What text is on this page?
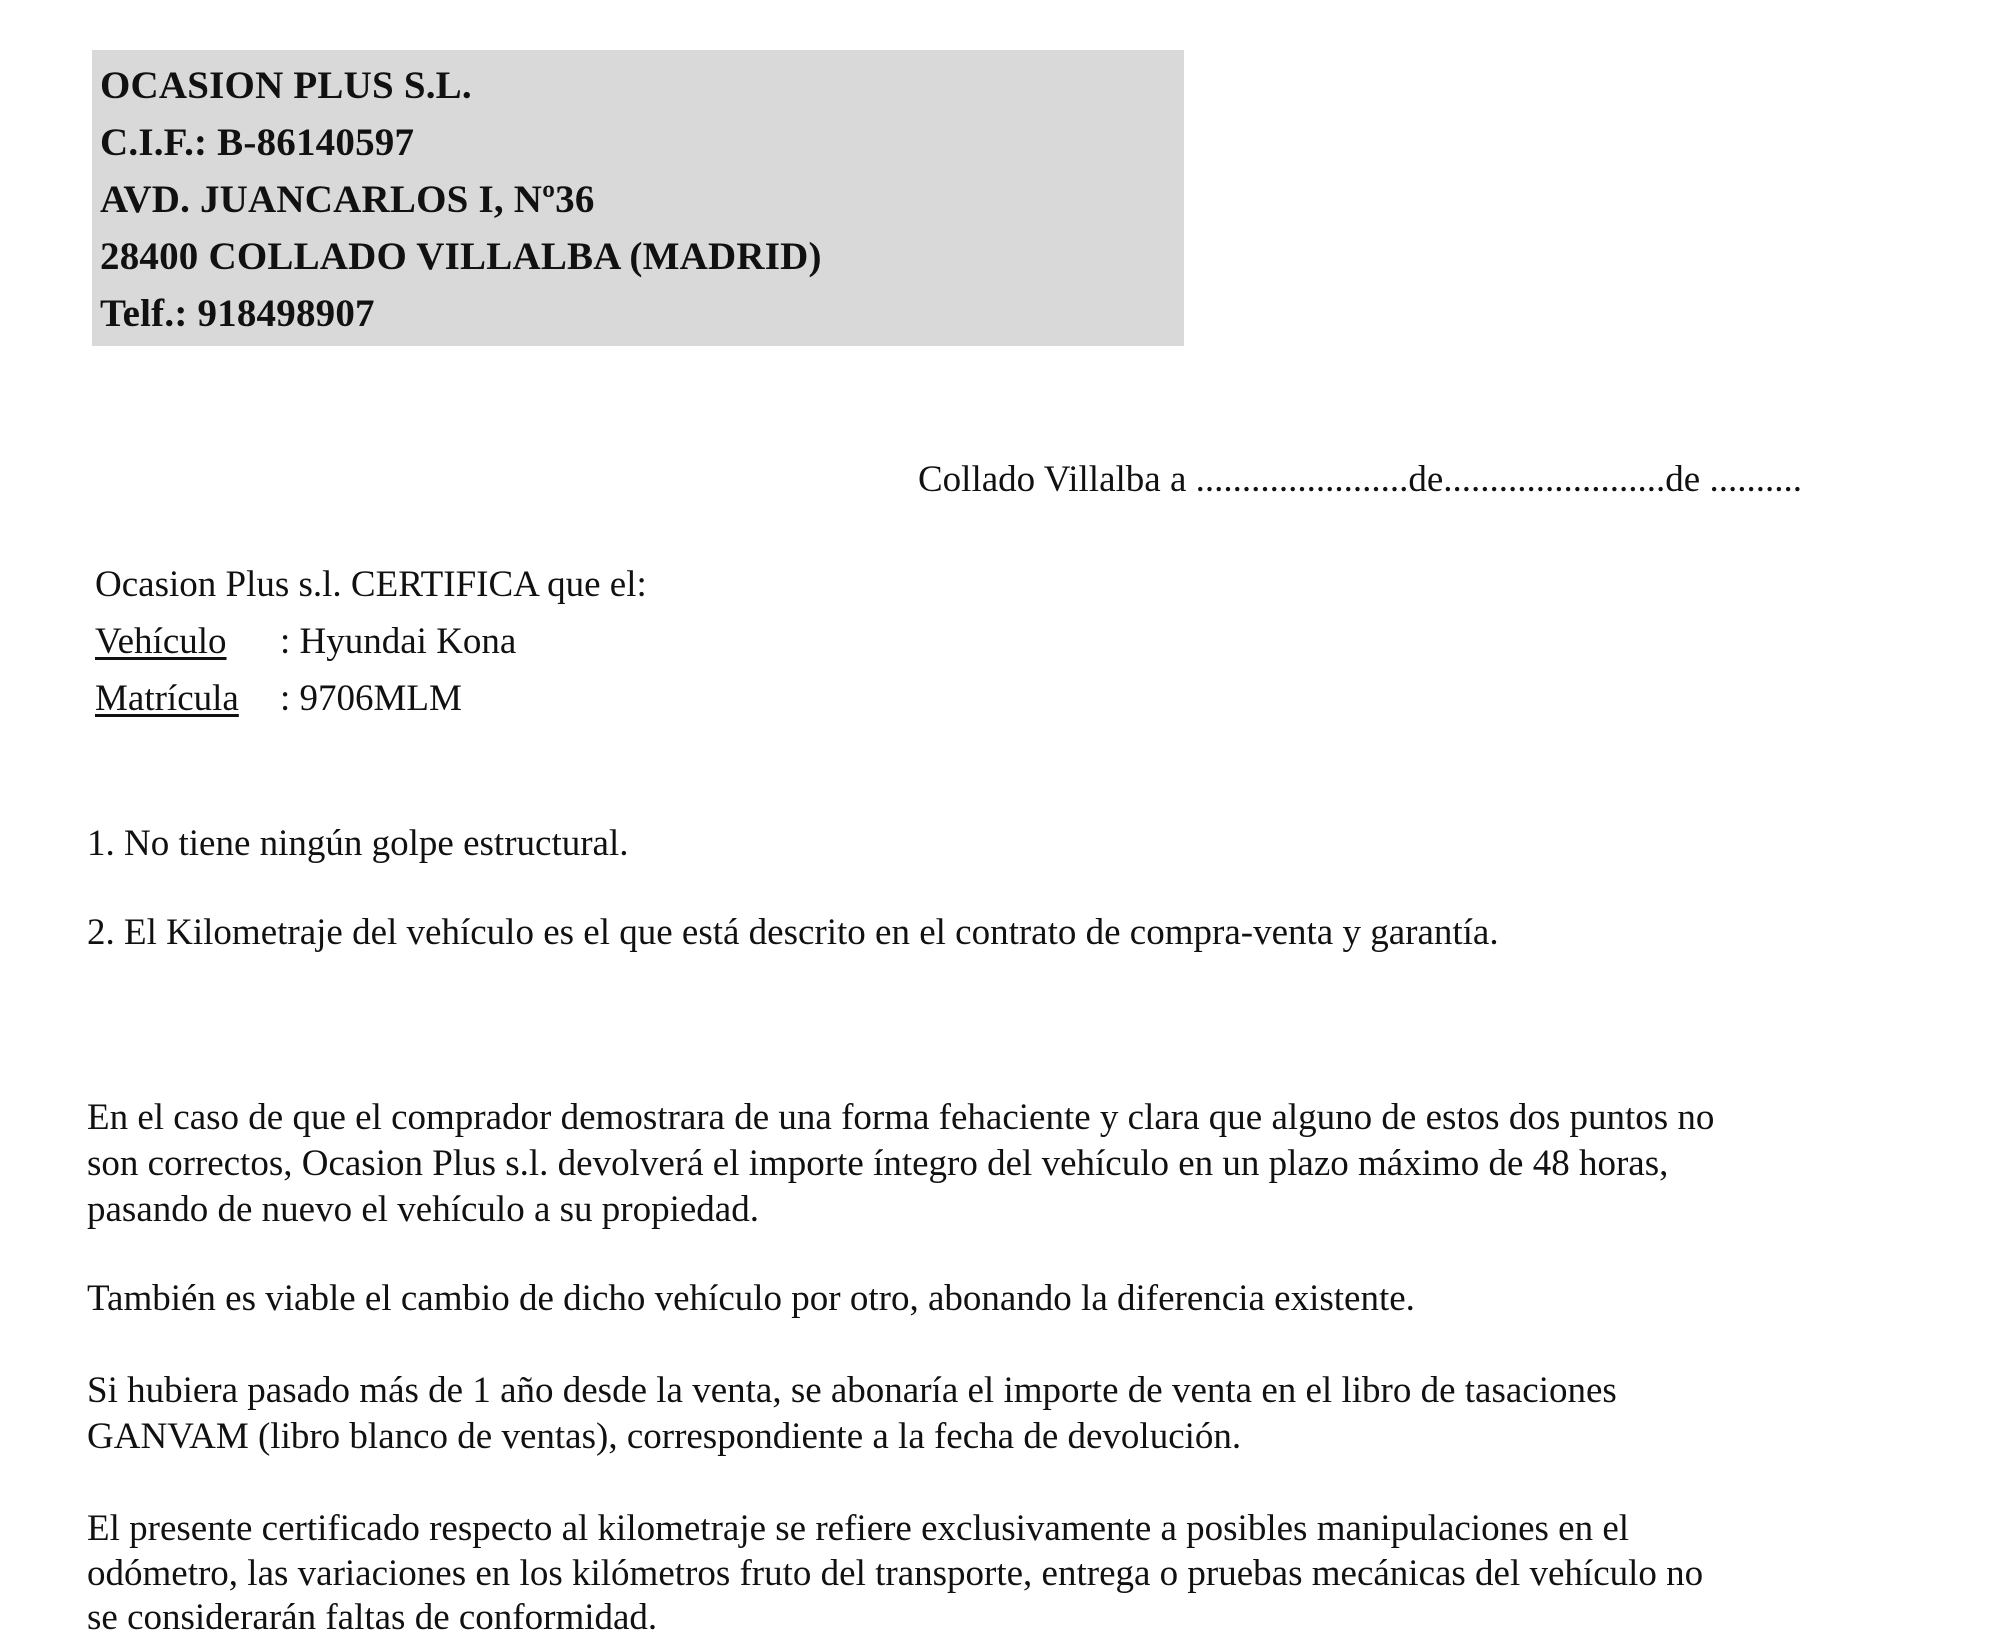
OCASION PLUS S.L.
C.I.F.: B-86140597
AVD. JUANCARLOS I, Nº36
28400 COLLADO VILLALBA (MADRID)
Telf.: 918498907
Collado Villalba a .......................de........................de ..........
Ocasion Plus s.l. CERTIFICA que el:
Vehículo : Hyundai Kona
Matrícula : 9706MLM
1. No tiene ningún golpe estructural.
2. El Kilometraje del vehículo es el que está descrito en el contrato de compra-venta y garantía.
En el caso de que el comprador demostrara de una forma fehaciente y clara que alguno de estos dos puntos no
son correctos, Ocasion Plus s.l. devolverá el importe íntegro del vehículo en un plazo máximo de 48 horas,
pasando de nuevo el vehículo a su propiedad.
También es viable el cambio de dicho vehículo por otro, abonando la diferencia existente.
Si hubiera pasado más de 1 año desde la venta, se abonaría el importe de venta en el libro de tasaciones
GANVAM (libro blanco de ventas), correspondiente a la fecha de devolución.
El presente certificado respecto al kilometraje se refiere exclusivamente a posibles manipulaciones en el
odómetro, las variaciones en los kilómetros fruto del transporte, entrega o pruebas mecánicas del vehículo no
se considerarán faltas de conformidad.
